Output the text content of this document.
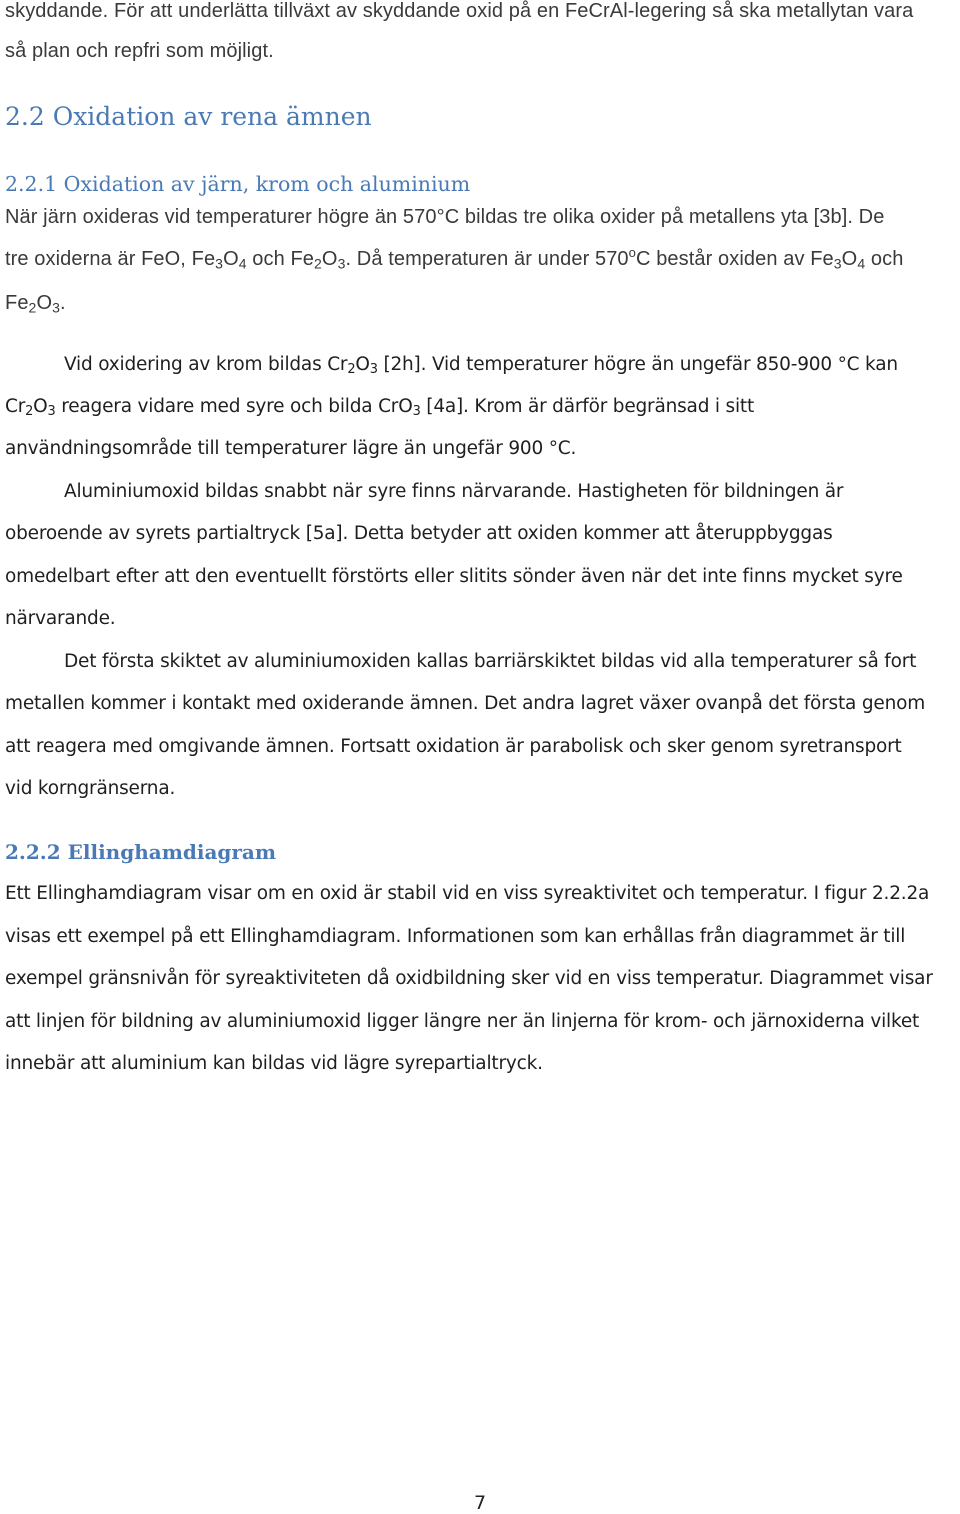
skyddande. För att underlätta tillväxt av skyddande oxid på en FeCrAl-legering så ska metallytan vara

så plan och repfri som möjligt.

2.2 Oxidation av rena ämnen
2.2.1 Oxidation av järn, krom och aluminium

När järn oxideras vid temperaturer högre än 570°C bildas tre olika oxider på metallens yta [3b]. De

tre oxiderna är FeO, $Fe_3O_4$ och $Fe_2O_3$. Då temperaturen är under 570$^o$C består oxiden av $Fe_3O_4$ och

$Fe_2O_3$.

Vid oxidering av krom bildas $Cr_2O_3$ [2h]. Vid temperaturer högre än ungefär 850-900 °C kan

$Cr_2O_3$ reagera vidare med syre och bilda CrO$_3$ [4a]. Krom är därför begränsad i sitt

användningsområde till temperaturer lägre än ungefär 900 °C.

Aluminiumoxid bildas snabbt när syre finns närvarande. Hastigheten för bildningen är

oberoende av syrets partialtryck [5a]. Detta betyder att oxiden kommer att återuppbyggas

omedelbart efter att den eventuellt förstörts eller slitits sönder även när det inte finns mycket syre

närvarande.

Det första skiktet av aluminiumoxiden kallas barriärskiktet bildas vid alla temperaturer så fort

metallen kommer i kontakt med oxiderande ämnen. Det andra lagret växer ovanpå det första genom

att reagera med omgivande ämnen. Fortsatt oxidation är parabolisk och sker genom syretransport

vid korngränserna.

2.2.2 Ellinghamdiagram

Ett Ellinghamdiagram visar om en oxid är stabil vid en viss syreaktivitet och temperatur. I figur 2.2.2a

visas ett exempel på ett Ellinghamdiagram. Informationen som kan erhållas från diagrammet är till

exempel gränsnivån för syreaktiviteten då oxidbildning sker vid en viss temperatur. Diagrammet visar

att linjen för bildning av aluminiumoxid ligger längre ner än linjerna för krom- och järnoxiderna vilket

innebär att aluminium kan bildas vid lägre syrepartialtryck.

7
